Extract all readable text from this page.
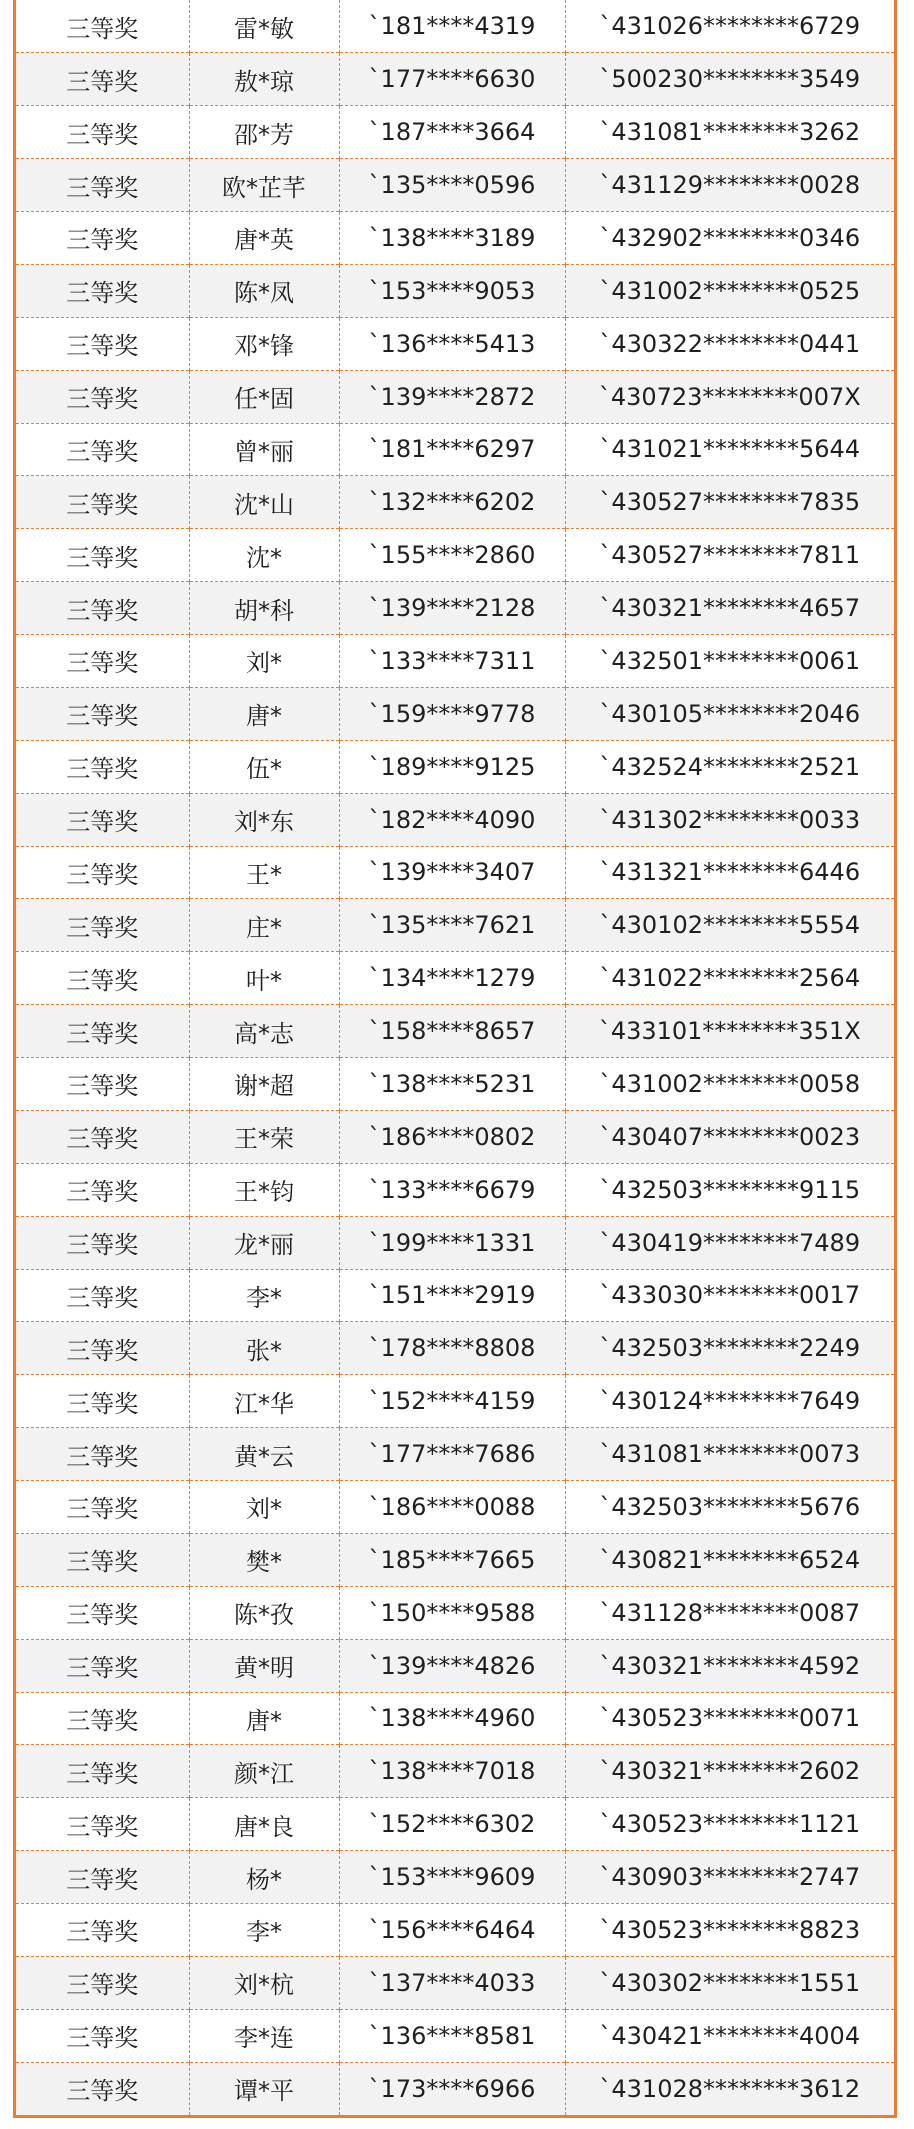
三等奖	雷*敏	`181****4319	`431026********6729
三等奖	敖*琼	`177****6630	`500230********3549
三等奖	邵*芳	`187****3664	`431081********3262
三等奖	欧*芷芊	`135****0596	`431129********0028
三等奖	唐*英	`138****3189	`432902********0346
三等奖	陈*凤	`153****9053	`431002********0525
三等奖	邓*锋	`136****5413	`430322********0441
三等奖	任*固	`139****2872	`430723********007X
三等奖	曾*丽	`181****6297	`431021********5644
三等奖	沈*山	`132****6202	`430527********7835
三等奖	沈*	`155****2860	`430527********7811
三等奖	胡*科	`139****2128	`430321********4657
三等奖	刘*	`133****7311	`432501********0061
三等奖	唐*	`159****9778	`430105********2046
三等奖	伍*	`189****9125	`432524********2521
三等奖	刘*东	`182****4090	`431302********0033
三等奖	王*	`139****3407	`431321********6446
三等奖	庄*	`135****7621	`430102********5554
三等奖	叶*	`134****1279	`431022********2564
三等奖	高*志	`158****8657	`433101********351X
三等奖	谢*超	`138****5231	`431002********0058
三等奖	王*荣	`186****0802	`430407********0023
三等奖	王*钧	`133****6679	`432503********9115
三等奖	龙*丽	`199****1331	`430419********7489
三等奖	李*	`151****2919	`433030********0017
三等奖	张*	`178****8808	`432503********2249
三等奖	江*华	`152****4159	`430124********7649
三等奖	黄*云	`177****7686	`431081********0073
三等奖	刘*	`186****0088	`432503********5676
三等奖	樊*	`185****7665	`430821********6524
三等奖	陈*孜	`150****9588	`431128********0087
三等奖	黄*明	`139****4826	`430321********4592
三等奖	唐*	`138****4960	`430523********0071
三等奖	颜*江	`138****7018	`430321********2602
三等奖	唐*良	`152****6302	`430523********1121
三等奖	杨*	`153****9609	`430903********2747
三等奖	李*	`156****6464	`430523********8823
三等奖	刘*杭	`137****4033	`430302********1551
三等奖	李*连	`136****8581	`430421********4004
三等奖	谭*平	`173****6966	`431028********3612
